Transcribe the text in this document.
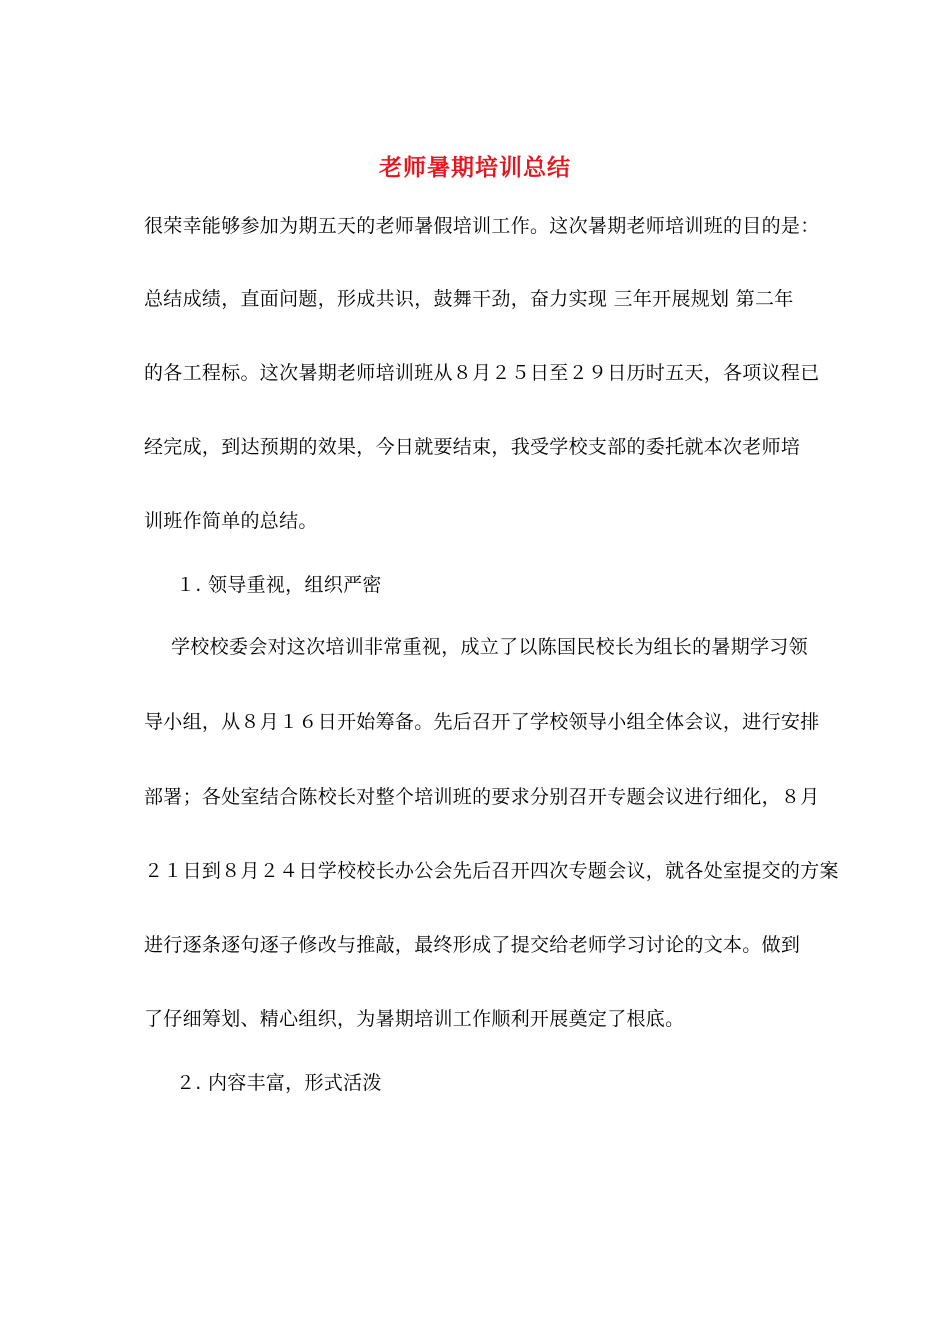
老师暑期培训总结
很荣幸能够参加为期五天的老师暑假培训工作。这次暑期老师培训班的目的是：
总结成绩，直面问题，形成共识，鼓舞干劲，奋力实现 三年开展规划 第二年
的各工程标。这次暑期老师培训班从８月２５日至２９日历时五天，各项议程已
经完成，到达预期的效果，今日就要结束，我受学校支部的委托就本次老师培
训班作简单的总结。
１. 领导重视，组织严密
学校校委会对这次培训非常重视，成立了以陈国民校长为组长的暑期学习领
导小组，从８月１６日开始筹备。先后召开了学校领导小组全体会议，进行安排
部署；各处室结合陈校长对整个培训班的要求分别召开专题会议进行细化，８月
２１日到８月２４日学校校长办公会先后召开四次专题会议，就各处室提交的方案
进行逐条逐句逐子修改与推敲，最终形成了提交给老师学习讨论的文本。做到
了仔细筹划、精心组织，为暑期培训工作顺利开展奠定了根底。
２. 内容丰富，形式活泼
